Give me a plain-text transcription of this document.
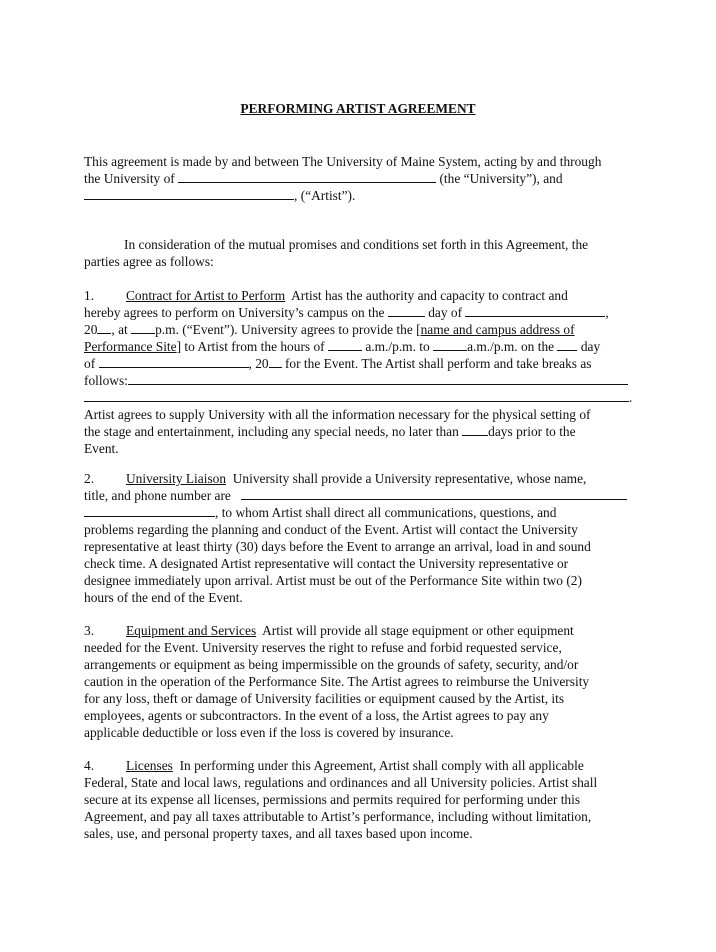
PERFORMING ARTIST AGREEMENT
This agreement is made by and between The University of Maine System, acting by and through
the University of	(the “University”), and
, (“Artist”).
In consideration of the mutual promises and conditions set forth in this Agreement, the
parties agree as follows:
1. Contract for Artist to Perform Artist has the authority and capacity to contract and
hereby agrees to perform on University’s campus on the	day of	,
20 , at p.m. (“Event”). University agrees to provide the [name and campus address of
Performance Site] to Artist from the hours of	a.m./p.m. to	a.m./p.m. on the day
of	, 20 for the Event. The Artist shall perform and take breaks as
follows:
.
Artist agrees to supply University with all the information necessary for the physical setting of
the stage and entertainment, including any special needs, no later than days prior to the
Event.
2. University Liaison University shall provide a University representative, whose name,
title, and phone number are
, to whom Artist shall direct all communications, questions, and
problems regarding the planning and conduct of the Event. Artist will contact the University
representative at least thirty (30) days before the Event to arrange an arrival, load in and sound
check time. A designated Artist representative will contact the University representative or
designee immediately upon arrival. Artist must be out of the Performance Site within two (2)
hours of the end of the Event.
3. Equipment and Services Artist will provide all stage equipment or other equipment
needed for the Event. University reserves the right to refuse and forbid requested service,
arrangements or equipment as being impermissible on the grounds of safety, security, and/or
caution in the operation of the Performance Site. The Artist agrees to reimburse the University
for any loss, theft or damage of University facilities or equipment caused by the Artist, its
employees, agents or subcontractors. In the event of a loss, the Artist agrees to pay any
applicable deductible or loss even if the loss is covered by insurance.
4. Licenses In performing under this Agreement, Artist shall comply with all applicable
Federal, State and local laws, regulations and ordinances and all University policies. Artist shall
secure at its expense all licenses, permissions and permits required for performing under this
Agreement, and pay all taxes attributable to Artist’s performance, including without limitation,
sales, use, and personal property taxes, and all taxes based upon income.
